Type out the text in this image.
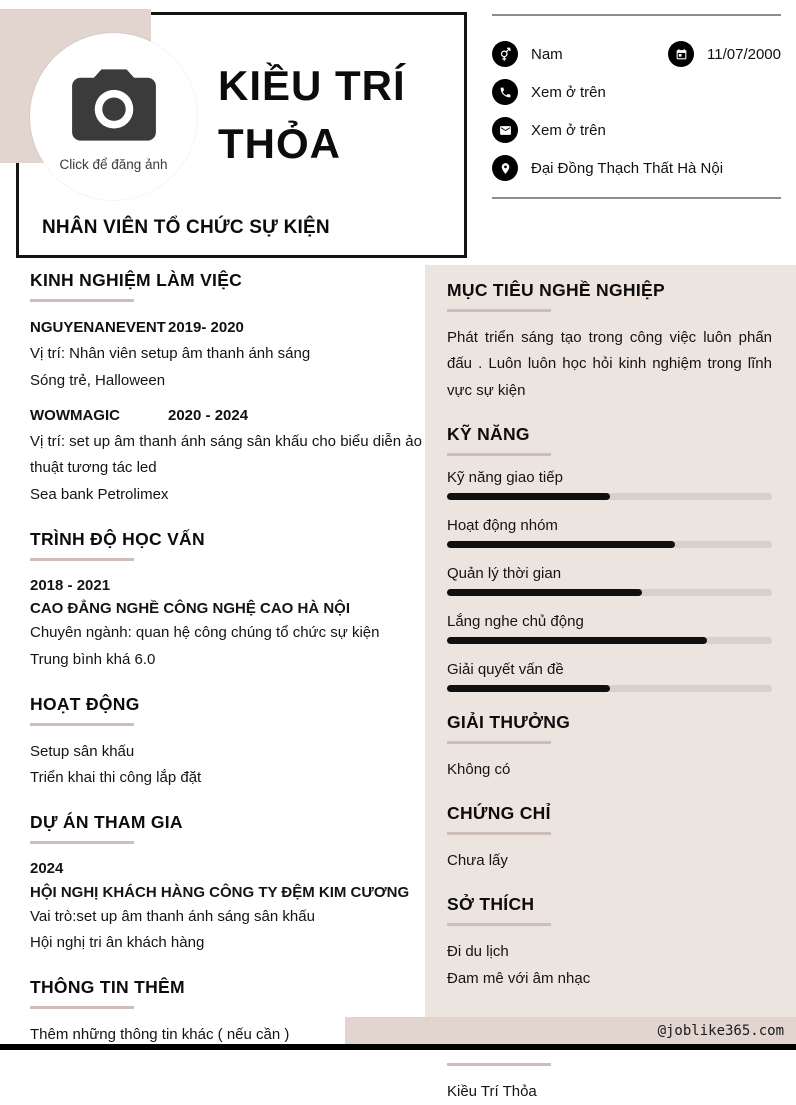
Click để đăng ảnh
KIỀU TRÍ THỎA
NHÂN VIÊN TỔ CHỨC SỰ KIỆN
Nam	11/07/2000
Xem ở trên
Xem ở trên
Đại Đồng Thạch Thất Hà Nội
KINH NGHIỆM LÀM VIỆC
NGUYENANEVENT 2019- 2020
Vị trí: Nhân viên setup âm thanh ánh sáng
Sóng trẻ, Halloween
WOWMAGIC	2020 - 2024
Vị trí: set up âm thanh ánh sáng sân khấu cho biểu diễn ảo thuật tương tác led
Sea bank Petrolimex
TRÌNH ĐỘ HỌC VẤN
2018 - 2021
CAO ĐẲNG NGHỀ CÔNG NGHỆ CAO HÀ NỘI
Chuyên ngành: quan hệ công chúng tổ chức sự kiện
Trung bình khá 6.0
HOẠT ĐỘNG
Setup sân khấu
Triển khai thi công lắp đặt
DỰ ÁN THAM GIA
2024
HỘI NGHỊ KHÁCH HÀNG CÔNG TY ĐỆM KIM CƯƠNG
Vai trò:set up âm thanh ánh sáng sân khấu
Hội nghị tri ân khách hàng
THÔNG TIN THÊM
Thêm những thông tin khác ( nếu cần )
MỤC TIÊU NGHỀ NGHIỆP
Phát triển sáng tạo trong công việc luôn phấn đấu . Luôn luôn học hỏi kinh nghiệm trong lĩnh vực sự kiện
KỸ NĂNG
Kỹ năng giao tiếp
Hoạt động nhóm
Quản lý thời gian
Lắng nghe chủ động
Giải quyết vấn đề
GIẢI THƯỞNG
Không có
CHỨNG CHỈ
Chưa lấy
SỞ THÍCH
Đi du lịch
Đam mê với âm nhạc
Kiều Trí Thỏa
@joblike365.com
